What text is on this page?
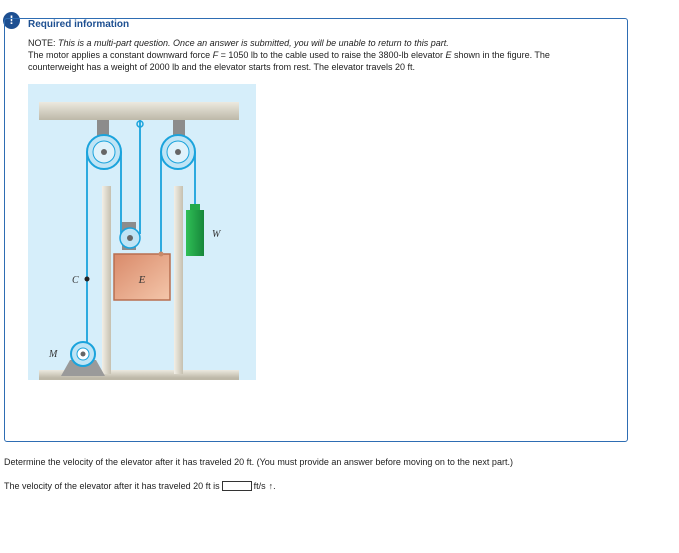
!	Required information

NOTE: This is a multi-part question. Once an answer is submitted, you will be unable to return to this part.
The motor applies a constant downward force F = 1050 lb to the cable used to raise the 3800-lb elevator E shown in the figure. The counterweight has a weight of 2000 lb and the elevator starts from rest. The elevator travels 20 ft.

E
W
C
M

Determine the velocity of the elevator after it has traveled 20 ft. (You must provide an answer before moving on to the next part.)

The velocity of the elevator after it has traveled 20 ft is	ft/s ↑ .
